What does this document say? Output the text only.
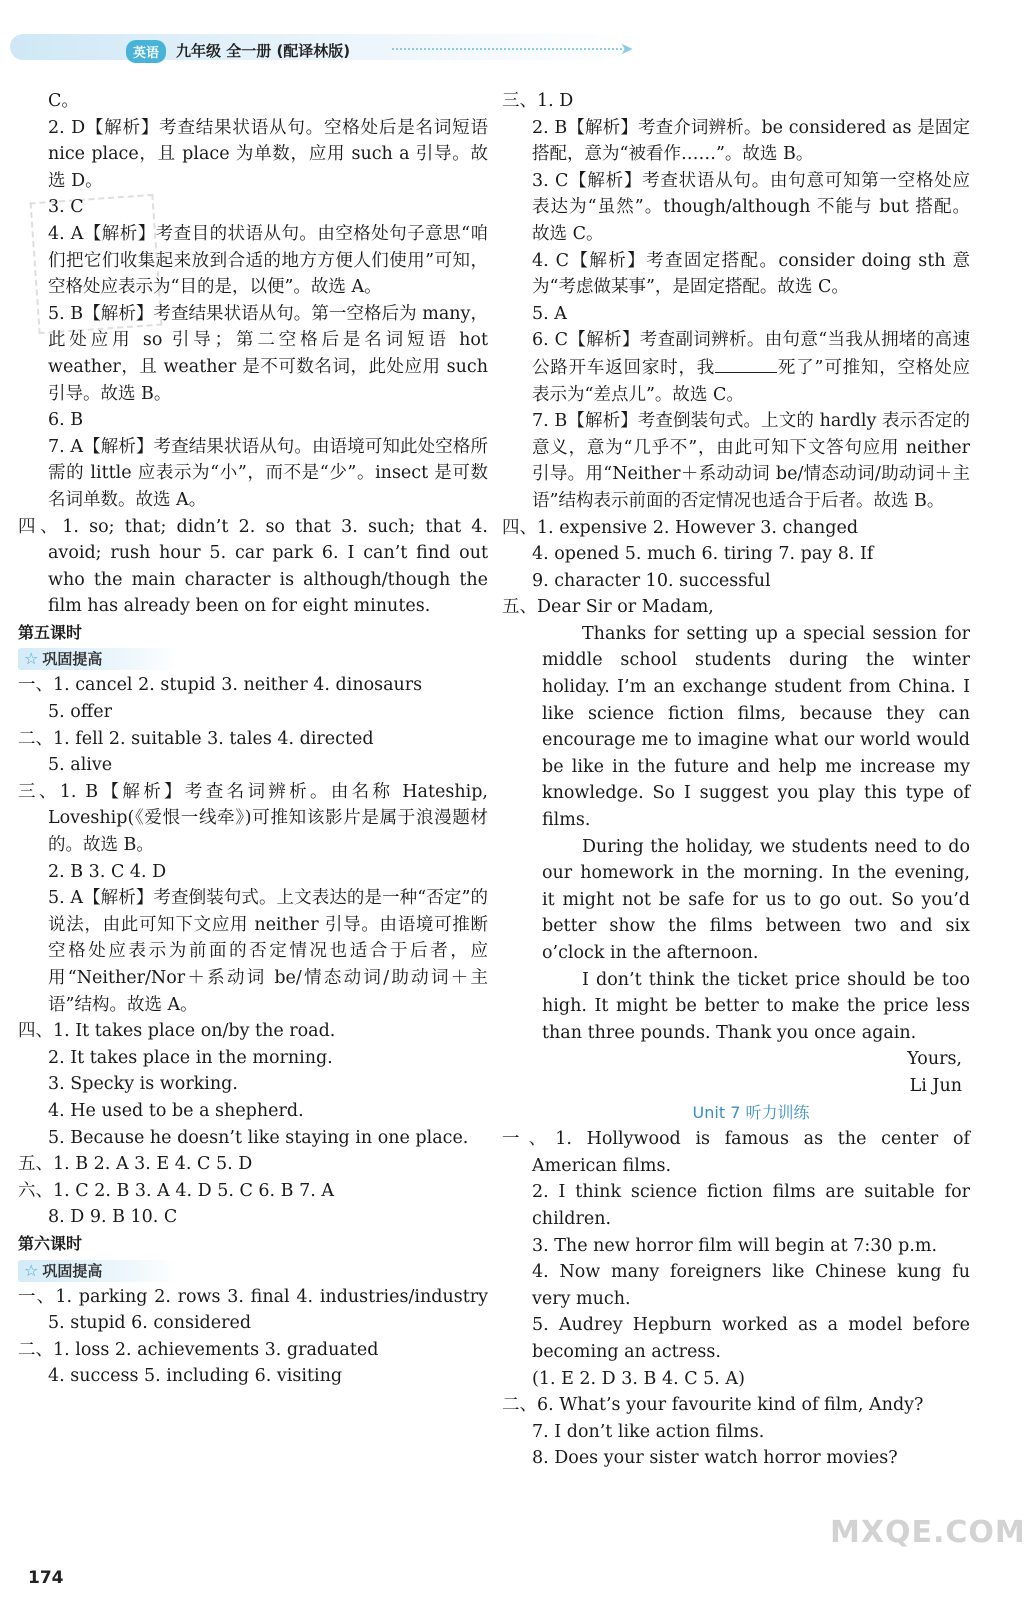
英语	九年级 全一册 (配译林版)	➤
C。
2. D【解析】考查结果状语从句。空格处后是名词短语 nice place，且 place 为单数，应用 such a 引导。故选 D。
3. C
4. A【解析】考查目的状语从句。由空格处句子意思“咱们把它们收集起来放到合适的地方方便人们使用”可知，空格处应表示为“目的是，以便”。故选 A。
5. B【解析】考查结果状语从句。第一空格后为 many，此处应用 so 引导；第二空格后是名词短语 hot weather，且 weather 是不可数名词，此处应用 such 引导。故选 B。
6. B
7. A【解析】考查结果状语从句。由语境可知此处空格所需的 little 应表示为“小”，而不是“少”。insect 是可数名词单数。故选 A。
四、1. so; that; didn’t 2. so that 3. such; that 4. avoid; rush hour 5. car park 6. I can’t find out who the main character is although/though the film has already been on for eight minutes.
第五课时
☆ 巩固提高
一、1. cancel 2. stupid 3. neither 4. dinosaurs
5. offer
二、1. fell 2. suitable 3. tales 4. directed
5. alive
三、1. B【解析】考查名词辨析。由名称 Hateship, Loveship(《爱恨一线牵》)可推知该影片是属于浪漫题材的。故选 B。
2. B 3. C 4. D
5. A【解析】考查倒装句式。上文表达的是一种“否定”的说法，由此可知下文应用 neither 引导。由语境可推断空格处应表示为前面的否定情况也适合于后者，应用“Neither/Nor＋系动词 be/情态动词/助动词＋主语”结构。故选 A。
四、1. It takes place on/by the road.
2. It takes place in the morning.
3. Specky is working.
4. He used to be a shepherd.
5. Because he doesn’t like staying in one place.
五、1. B 2. A 3. E 4. C 5. D
六、1. C 2. B 3. A 4. D 5. C 6. B 7. A
8. D 9. B 10. C
第六课时
☆ 巩固提高
一、1. parking 2. rows 3. final 4. industries/industry 5. stupid 6. considered
二、1. loss 2. achievements 3. graduated
4. success 5. including 6. visiting
三、1. D
2. B【解析】考查介词辨析。be considered as 是固定搭配，意为“被看作……”。故选 B。
3. C【解析】考查状语从句。由句意可知第一空格处应表达为“虽然”。though/although 不能与 but 搭配。故选 C。
4. C【解析】考查固定搭配。consider doing sth 意为“考虑做某事”，是固定搭配。故选 C。
5. A
6. C【解析】考查副词辨析。由句意“当我从拥堵的高速公路开车返回家时，我	死了”可推知，空格处应表示为“差点儿”。故选 C。
7. B【解析】考查倒装句式。上文的 hardly 表示否定的意义，意为“几乎不”，由此可知下文答句应用 neither 引导。用“Neither＋系动动词 be/情态动词/助动词＋主语”结构表示前面的否定情况也适合于后者。故选 B。
四、1. expensive 2. However 3. changed
4. opened 5. much 6. tiring 7. pay 8. If
9. character 10. successful
五、Dear Sir or Madam,
Thanks for setting up a special session for middle school students during the winter holiday. I’m an exchange student from China. I like science fiction films, because they can encourage me to imagine what our world would be like in the future and help me increase my knowledge. So I suggest you play this type of films.
During the holiday, we students need to do our homework in the morning. In the evening, it might not be safe for us to go out. So you’d better show the films between two and six o’clock in the afternoon.
I don’t think the ticket price should be too high. It might be better to make the price less than three pounds. Thank you once again.
Yours,
Li Jun
Unit 7 听力训练
一、1. Hollywood is famous as the center of American films.
2. I think science fiction films are suitable for children.
3. The new horror film will begin at 7:30 p.m.
4. Now many foreigners like Chinese kung fu very much.
5. Audrey Hepburn worked as a model before becoming an actress.
(1. E 2. D 3. B 4. C 5. A)
二、6. What’s your favourite kind of film, Andy?
7. I don’t like action films.
8. Does your sister watch horror movies?
174
MXQE.COM
